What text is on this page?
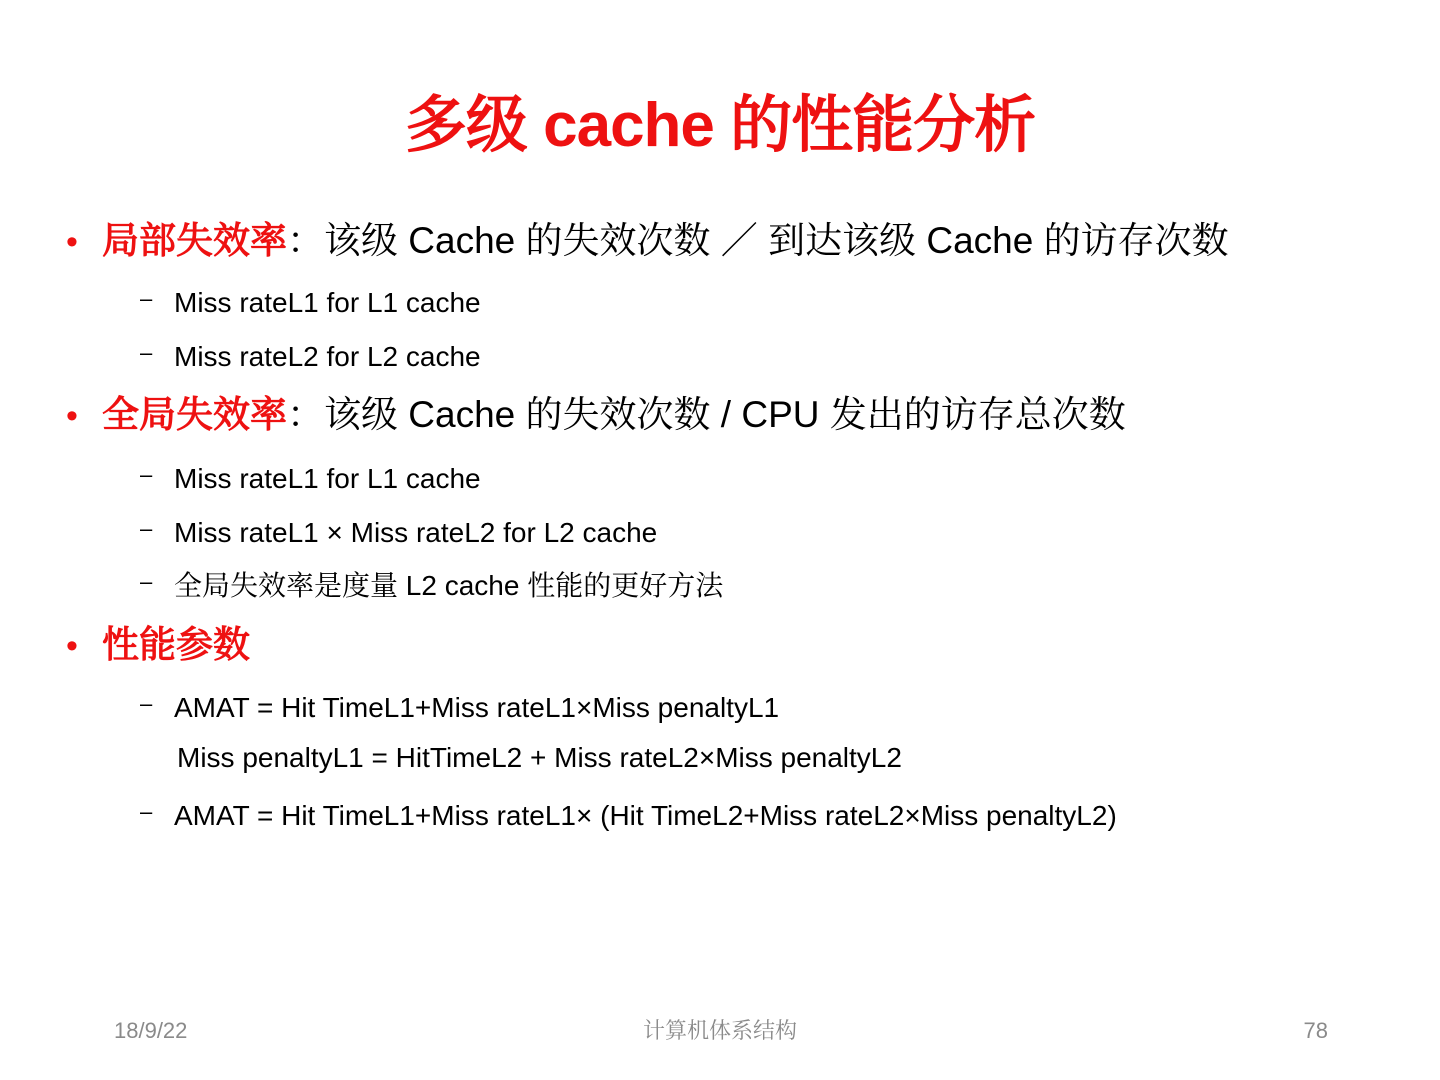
多级 cache 的性能分析
• 局部失效率：该级 Cache 的失效次数 ／ 到达该级 Cache 的访存次数
– Miss rateL1 for L1 cache
– Miss rateL2 for L2 cache
• 全局失效率：该级 Cache 的失效次数 / CPU 发出的访存总次数
– Miss rateL1 for L1 cache
– Miss rateL1 × Miss rateL2 for L2 cache
– 全局失效率是度量 L2 cache 性能的更好方法
• 性能参数
– AMAT = Hit TimeL1+Miss rateL1×Miss penaltyL1
Miss penaltyL1 = HitTimeL2 + Miss rateL2×Miss penaltyL2
– AMAT = Hit TimeL1+Miss rateL1× (Hit TimeL2+Miss rateL2×Miss penaltyL2)
18/9/22	计算机体系结构	78
